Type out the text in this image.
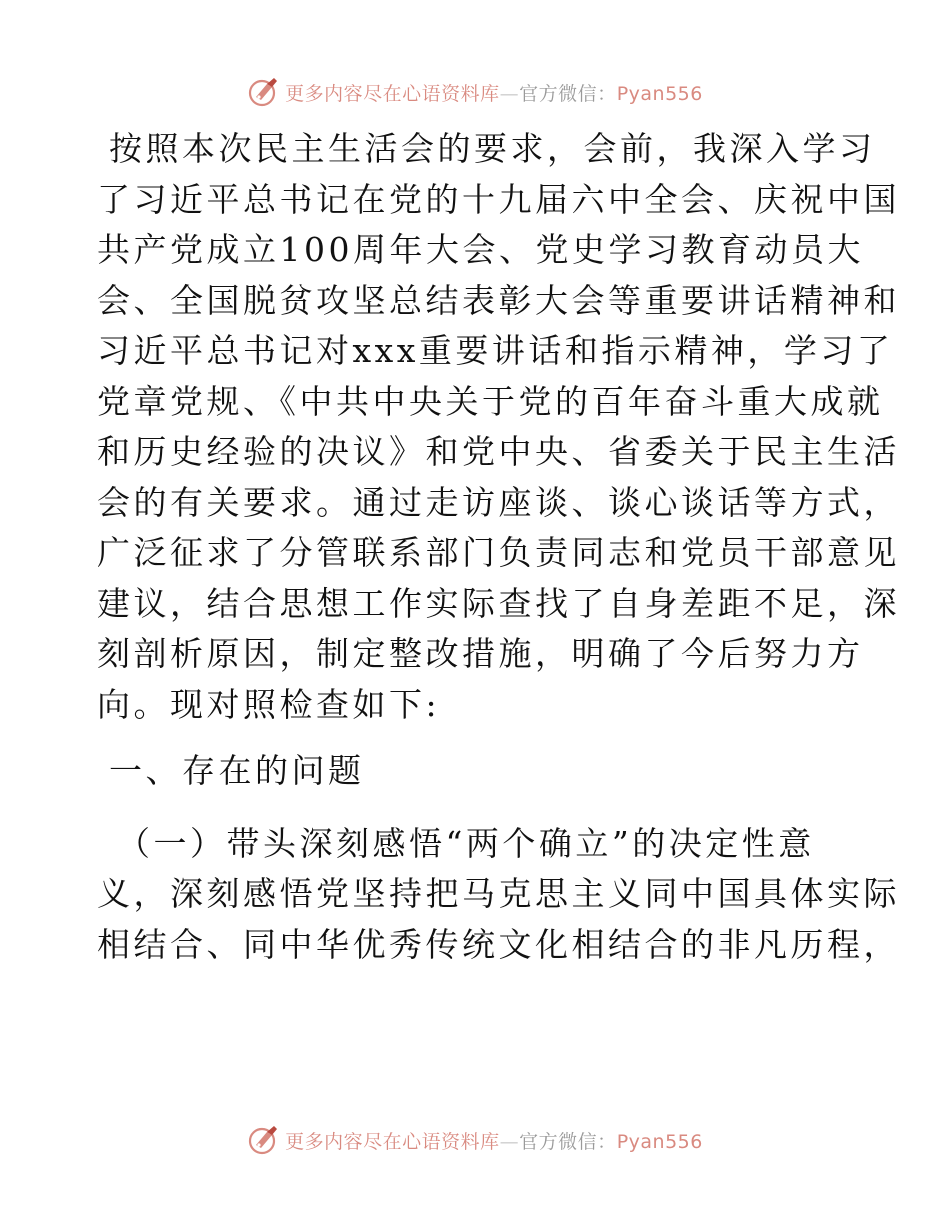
更多内容尽在心语资料库—官方微信：Pyan556
按照本次民主生活会的要求，会前，我深入学习
了习近平总书记在党的十九届六中全会、庆祝中国
共产党成立100周年大会、党史学习教育动员大
会、全国脱贫攻坚总结表彰大会等重要讲话精神和
习近平总书记对xxx重要讲话和指示精神，学习了
党章党规、《中共中央关于党的百年奋斗重大成就
和历史经验的决议》和党中央、省委关于民主生活
会的有关要求。通过走访座谈、谈心谈话等方式，
广泛征求了分管联系部门负责同志和党员干部意见
建议，结合思想工作实际查找了自身差距不足，深
刻剖析原因，制定整改措施，明确了今后努力方
向。现对照检查如下:
一、存在的问题
（一）带头深刻感悟“两个确立”的决定性意
义，深刻感悟党坚持把马克思主义同中国具体实际
相结合、同中华优秀传统文化相结合的非凡历程，
更多内容尽在心语资料库—官方微信：Pyan556
